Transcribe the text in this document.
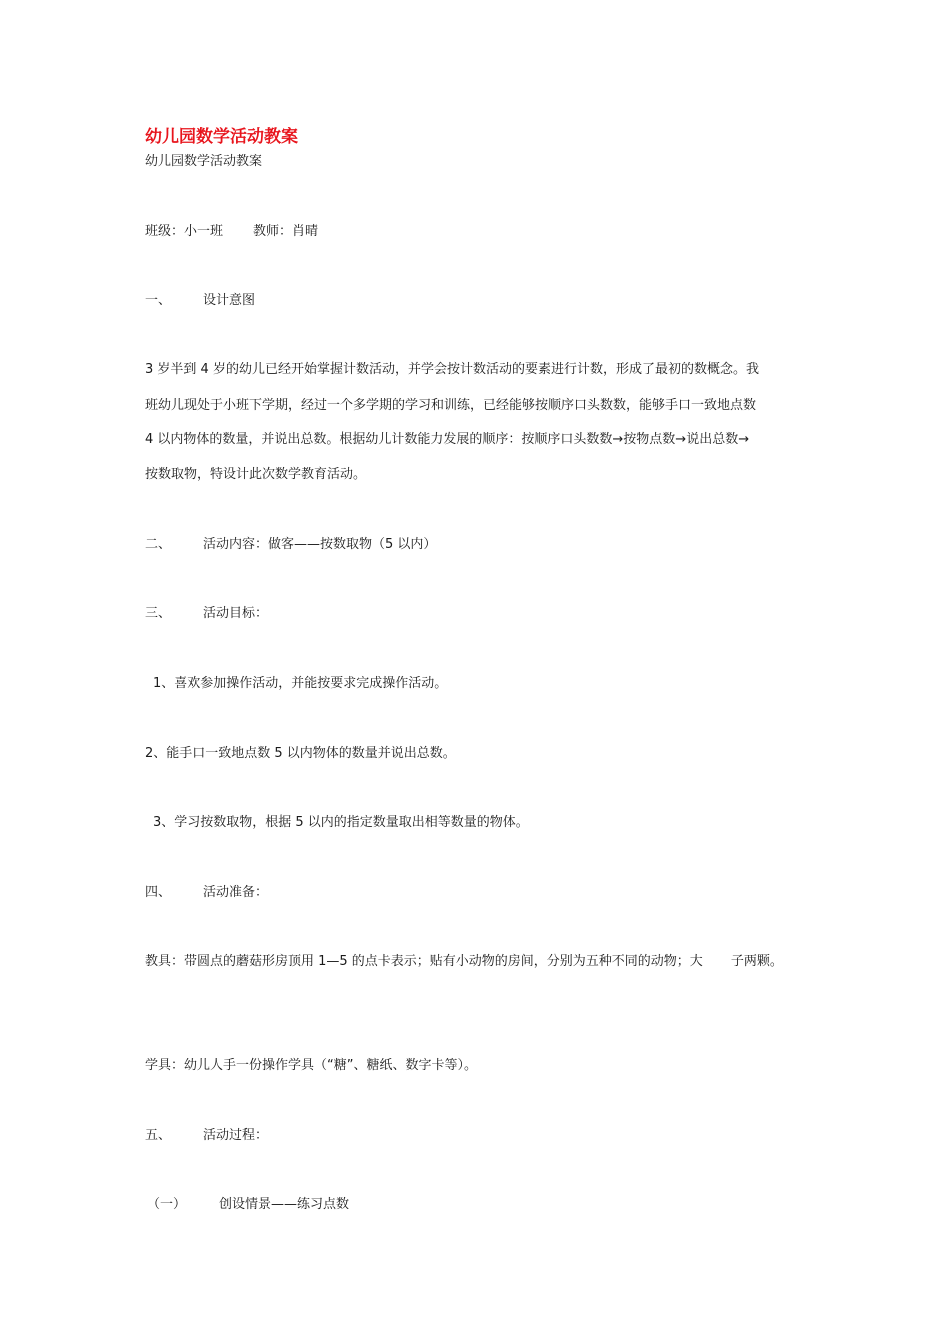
幼儿园数学活动教案
幼儿园数学活动教案
班级：小一班 教师：肖晴
一、 设计意图
3 岁半到 4 岁的幼儿已经开始掌握计数活动，并学会按计数活动的要素进行计数，形成了最初的数概念。我
班幼儿现处于小班下学期，经过一个多学期的学习和训练，已经能够按顺序口头数数，能够手口一致地点数
4 以内物体的数量，并说出总数。根据幼儿计数能力发展的顺序：按顺序口头数数→按物点数→说出总数→
按数取物，特设计此次数学教育活动。
二、 活动内容：做客——按数取物（5 以内）
三、 活动目标：
1、喜欢参加操作活动，并能按要求完成操作活动。
2、能手口一致地点数 5 以内物体的数量并说出总数。
3、学习按数取物，根据 5 以内的指定数量取出相等数量的物体。
四、 活动准备：
教具：带圆点的蘑菇形房顶用 1—5 的点卡表示；贴有小动物的房间，分别为五种不同的动物；大 子两颗。
学具：幼儿人手一份操作学具（“糖”、糖纸、数字卡等）。
五、 活动过程：
（一）	创设情景——练习点数
